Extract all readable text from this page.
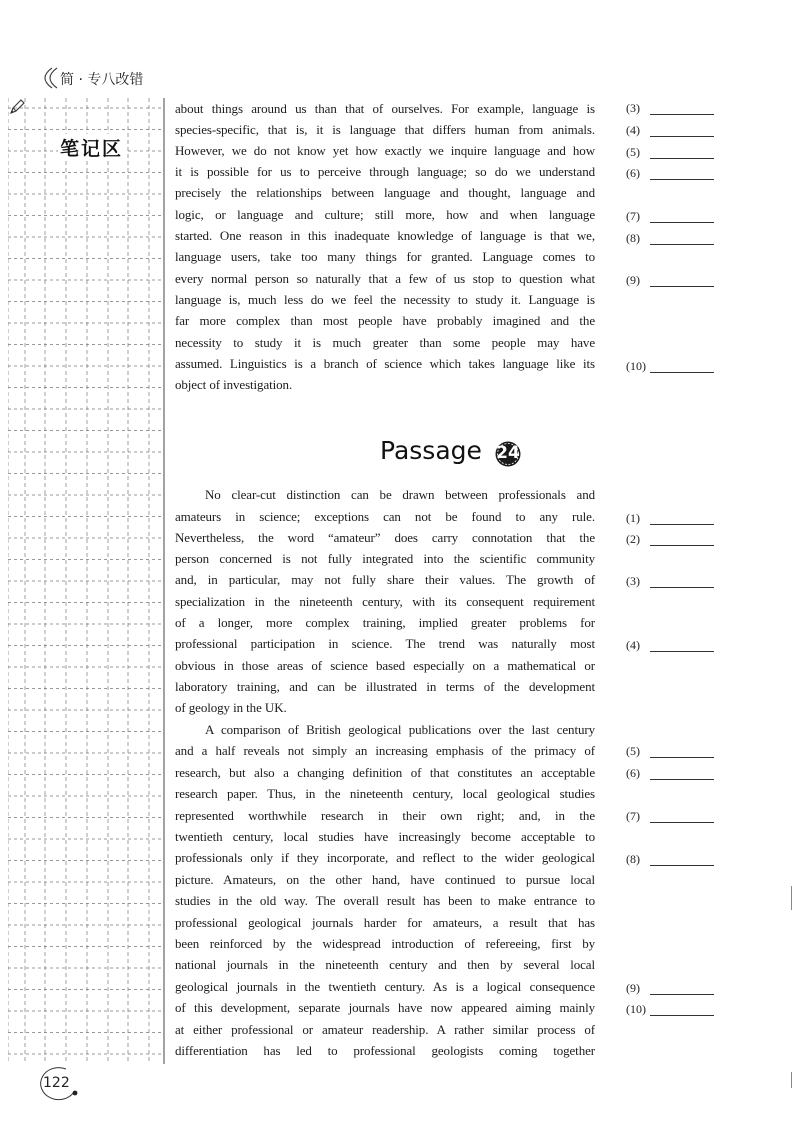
简 · 专八改错
笔记区
about things around us than that of ourselves. For example, language is
species-specific, that is, it is language that differs human from animals.
However, we do not know yet how exactly we inquire language and how
it is possible for us to perceive through language; so do we understand
precisely the relationships between language and thought, language and
logic, or language and culture; still more, how and when language
started. One reason in this inadequate knowledge of language is that we,
language users, take too many things for granted. Language comes to
every normal person so naturally that a few of us stop to question what
language is, much less do we feel the necessity to study it. Language is
far more complex than most people have probably imagined and the
necessity to study it is much greater than some people may have
assumed. Linguistics is a branch of science which takes language like its
object of investigation.
(3)
(4)
(5)
(6)
(7)
(8)
(9)
(10)
Passage 24
No clear-cut distinction can be drawn between professionals and
amateurs in science; exceptions can not be found to any rule.
Nevertheless, the word “amateur” does carry connotation that the
person concerned is not fully integrated into the scientific community
and, in particular, may not fully share their values. The growth of
specialization in the nineteenth century, with its consequent requirement
of a longer, more complex training, implied greater problems for
professional participation in science. The trend was naturally most
obvious in those areas of science based especially on a mathematical or
laboratory training, and can be illustrated in terms of the development
of geology in the UK.
A comparison of British geological publications over the last century
and a half reveals not simply an increasing emphasis of the primacy of
research, but also a changing definition of that constitutes an acceptable
research paper. Thus, in the nineteenth century, local geological studies
represented worthwhile research in their own right; and, in the
twentieth century, local studies have increasingly become acceptable to
professionals only if they incorporate, and reflect to the wider geological
picture. Amateurs, on the other hand, have continued to pursue local
studies in the old way. The overall result has been to make entrance to
professional geological journals harder for amateurs, a result that has
been reinforced by the widespread introduction of refereeing, first by
national journals in the nineteenth century and then by several local
geological journals in the twentieth century. As is a logical consequence
of this development, separate journals have now appeared aiming mainly
at either professional or amateur readership. A rather similar process of
differentiation has led to professional geologists coming together
(1)
(2)
(3)
(4)
(5)
(6)
(7)
(8)
(9)
(10)
122
